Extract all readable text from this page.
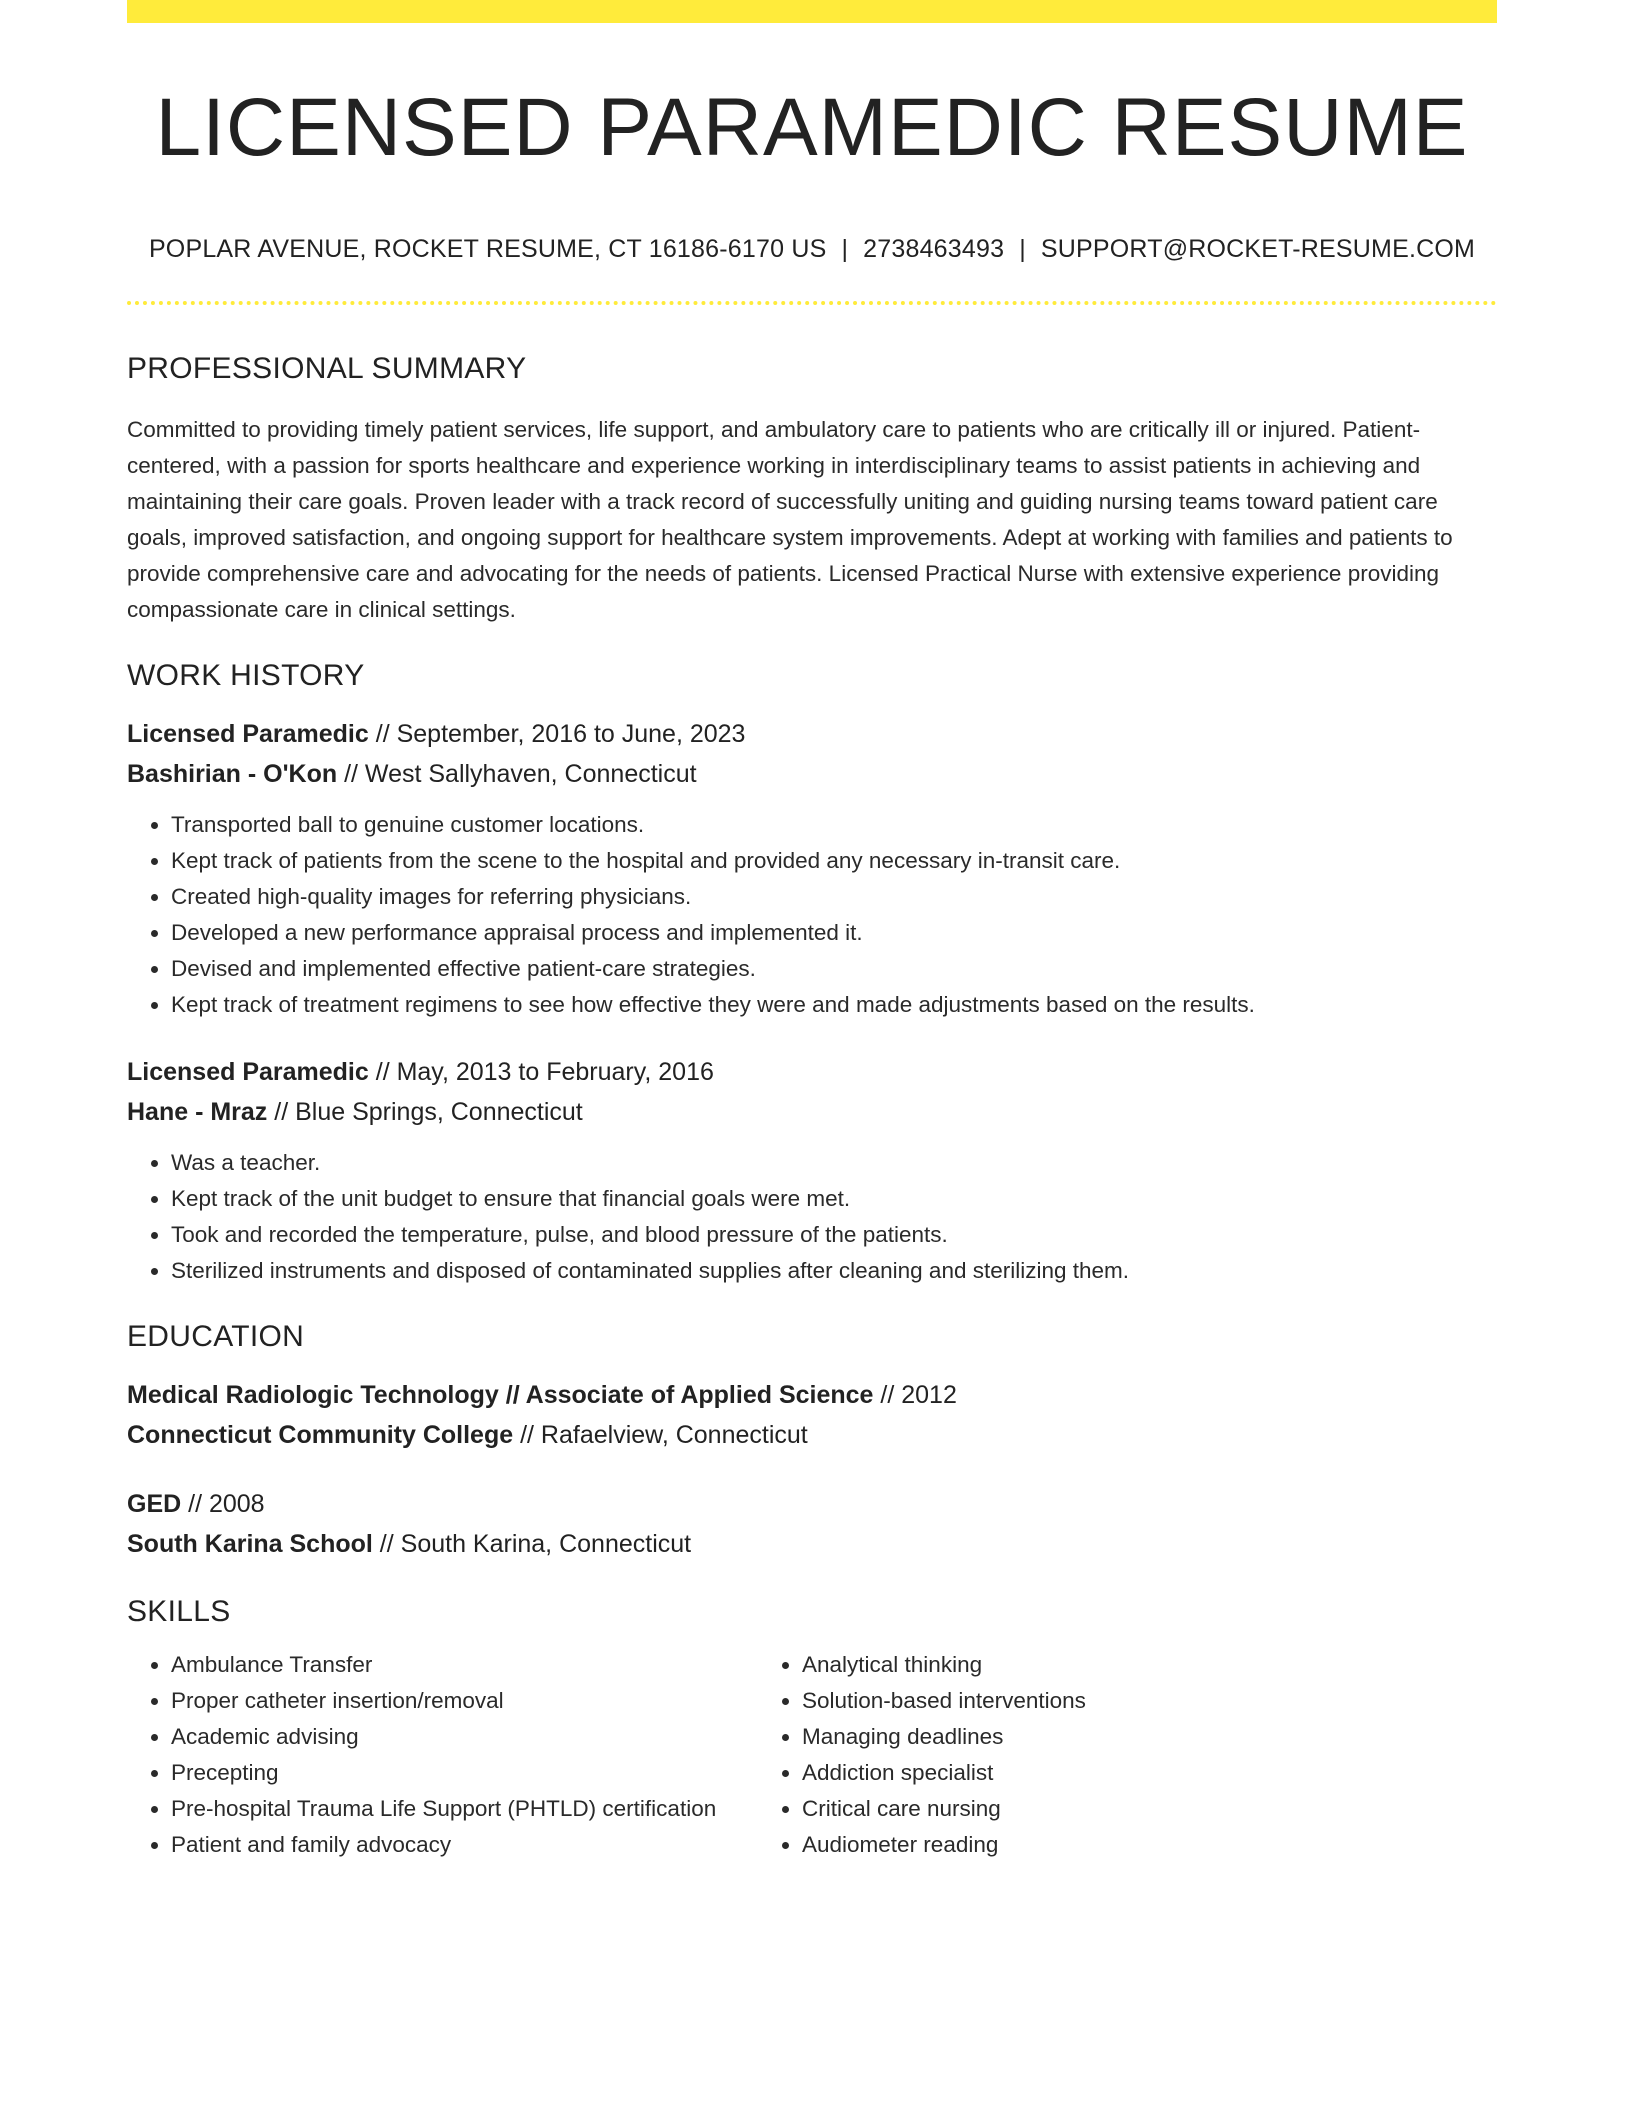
LICENSED PARAMEDIC RESUME
POPLAR AVENUE, ROCKET RESUME, CT 16186-6170 US | 2738463493 | SUPPORT@ROCKET-RESUME.COM
PROFESSIONAL SUMMARY
Committed to providing timely patient services, life support, and ambulatory care to patients who are critically ill or injured. Patient-centered, with a passion for sports healthcare and experience working in interdisciplinary teams to assist patients in achieving and maintaining their care goals. Proven leader with a track record of successfully uniting and guiding nursing teams toward patient care goals, improved satisfaction, and ongoing support for healthcare system improvements. Adept at working with families and patients to provide comprehensive care and advocating for the needs of patients. Licensed Practical Nurse with extensive experience providing compassionate care in clinical settings.
WORK HISTORY
Licensed Paramedic // September, 2016 to June, 2023
Bashirian - O'Kon // West Sallyhaven, Connecticut
• Transported ball to genuine customer locations.
• Kept track of patients from the scene to the hospital and provided any necessary in-transit care.
• Created high-quality images for referring physicians.
• Developed a new performance appraisal process and implemented it.
• Devised and implemented effective patient-care strategies.
• Kept track of treatment regimens to see how effective they were and made adjustments based on the results.
Licensed Paramedic // May, 2013 to February, 2016
Hane - Mraz // Blue Springs, Connecticut
• Was a teacher.
• Kept track of the unit budget to ensure that financial goals were met.
• Took and recorded the temperature, pulse, and blood pressure of the patients.
• Sterilized instruments and disposed of contaminated supplies after cleaning and sterilizing them.
EDUCATION
Medical Radiologic Technology // Associate of Applied Science // 2012
Connecticut Community College // Rafaelview, Connecticut
GED // 2008
South Karina School // South Karina, Connecticut
SKILLS
• Ambulance Transfer
• Proper catheter insertion/removal
• Academic advising
• Precepting
• Pre-hospital Trauma Life Support (PHTLD) certification
• Patient and family advocacy
• Analytical thinking
• Solution-based interventions
• Managing deadlines
• Addiction specialist
• Critical care nursing
• Audiometer reading
